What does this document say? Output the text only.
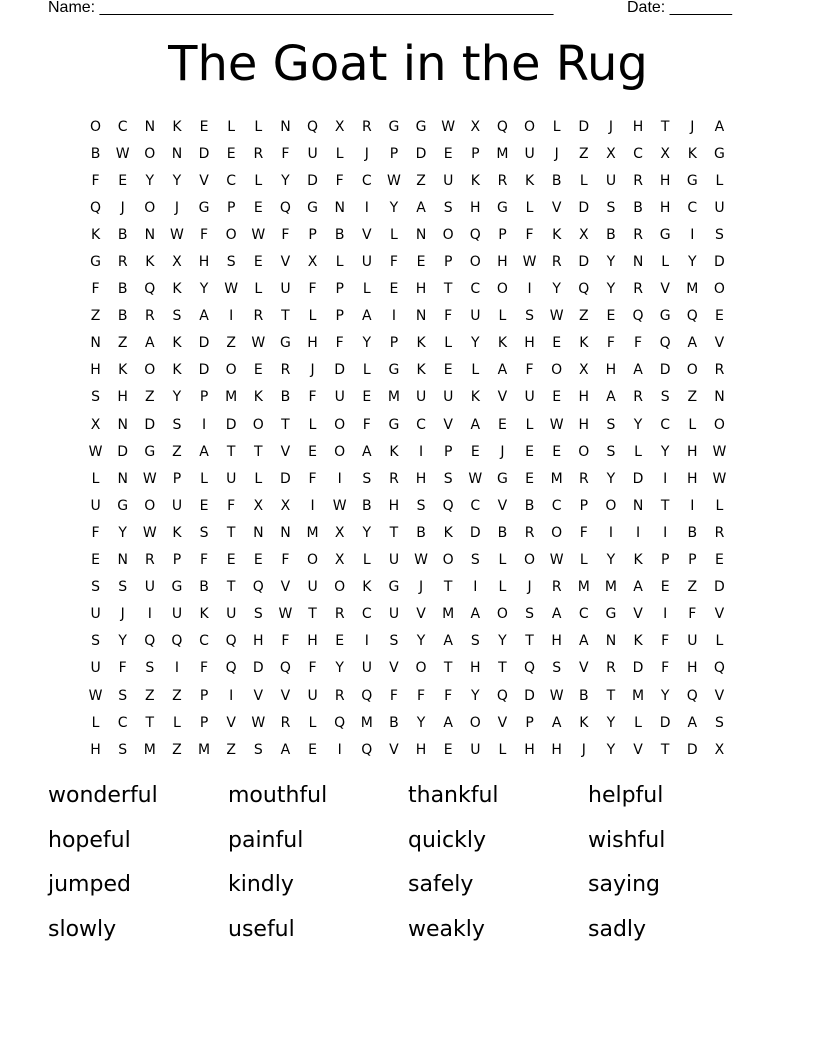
Name: ___________________________________________________	Date: _______
The Goat in the Rug
O	C	N	K	E	L	L	N	Q	X	R	G	G	W	X	Q	O	L	D	J	H	T	J	A
B	W	O	N	D	E	R	F	U	L	J	P	D	E	P	M	U	J	Z	X	C	X	K	G
F	E	Y	Y	V	C	L	Y	D	F	C	W	Z	U	K	R	K	B	L	U	R	H	G	L
Q	J	O	J	G	P	E	Q	G	N	I	Y	A	S	H	G	L	V	D	S	B	H	C	U
K	B	N	W	F	O	W	F	P	B	V	L	N	O	Q	P	F	K	X	B	R	G	I	S
G	R	K	X	H	S	E	V	X	L	U	F	E	P	O	H	W	R	D	Y	N	L	Y	D
F	B	Q	K	Y	W	L	U	F	P	L	E	H	T	C	O	I	Y	Q	Y	R	V	M	O
Z	B	R	S	A	I	R	T	L	P	A	I	N	F	U	L	S	W	Z	E	Q	G	Q	E
N	Z	A	K	D	Z	W	G	H	F	Y	P	K	L	Y	K	H	E	K	F	F	Q	A	V
H	K	O	K	D	O	E	R	J	D	L	G	K	E	L	A	F	O	X	H	A	D	O	R
S	H	Z	Y	P	M	K	B	F	U	E	M	U	U	K	V	U	E	H	A	R	S	Z	N
X	N	D	S	I	D	O	T	L	O	F	G	C	V	A	E	L	W	H	S	Y	C	L	O
W	D	G	Z	A	T	T	V	E	O	A	K	I	P	E	J	E	E	O	S	L	Y	H	W
L	N	W	P	L	U	L	D	F	I	S	R	H	S	W	G	E	M	R	Y	D	I	H	W
U	G	O	U	E	F	X	X	I	W	B	H	S	Q	C	V	B	C	P	O	N	T	I	L
F	Y	W	K	S	T	N	N	M	X	Y	T	B	K	D	B	R	O	F	I	I	I	B	R
E	N	R	P	F	E	E	F	O	X	L	U	W	O	S	L	O	W	L	Y	K	P	P	E
S	S	U	G	B	T	Q	V	U	O	K	G	J	T	I	L	J	R	M	M	A	E	Z	D
U	J	I	U	K	U	S	W	T	R	C	U	V	M	A	O	S	A	C	G	V	I	F	V
S	Y	Q	Q	C	Q	H	F	H	E	I	S	Y	A	S	Y	T	H	A	N	K	F	U	L
U	F	S	I	F	Q	D	Q	F	Y	U	V	O	T	H	T	Q	S	V	R	D	F	H	Q
W	S	Z	Z	P	I	V	V	U	R	Q	F	F	F	Y	Q	D	W	B	T	M	Y	Q	V
L	C	T	L	P	V	W	R	L	Q	M	B	Y	A	O	V	P	A	K	Y	L	D	A	S
H	S	M	Z	M	Z	S	A	E	I	Q	V	H	E	U	L	H	H	J	Y	V	T	D	X
wonderful	mouthful	thankful	helpful
hopeful	painful	quickly	wishful
jumped	kindly	safely	saying
slowly	useful	weakly	sadly
